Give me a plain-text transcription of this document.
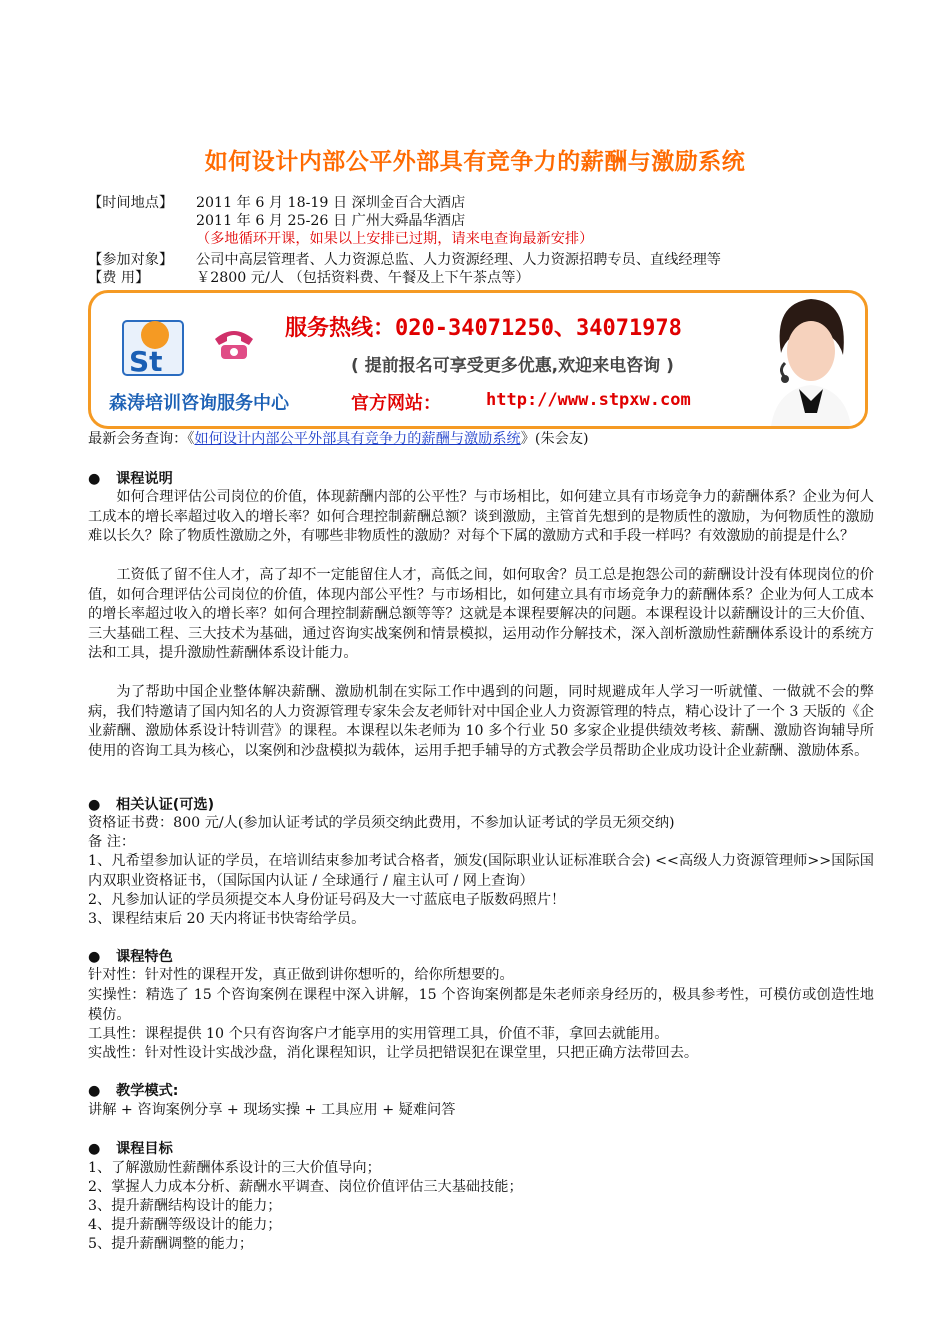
如何设计内部公平外部具有竞争力的薪酬与激励系统
【时间地点】 2011 年 6 月 18-19 日 深圳金百合大酒店
2011 年 6 月 25-26 日 广州大舜晶华酒店
（多地循环开课，如果以上安排已过期，请来电查询最新安排）
【参加对象】 公司中高层管理者、人力资源总监、人力资源经理、人力资源招聘专员、直线经理等
【费 用】	￥2800 元/人 （包括资料费、午餐及上下午茶点等）
St
服务热线：020-34071250、34071978
( 提前报名可享受更多优惠,欢迎来电咨询 )
森涛培训咨询服务中心	官方网站：	http://www.stpxw.com
最新会务查询：《如何设计内部公平外部具有竞争力的薪酬与激励系统》(朱会友)
● 课程说明
如何合理评估公司岗位的价值，体现薪酬内部的公平性？与市场相比，如何建立具有市场竞争力的薪酬体系？企业为何人工成本的增长率超过收入的增长率？如何合理控制薪酬总额？谈到激励，主管首先想到的是物质性的激励，为何物质性的激励难以长久？除了物质性激励之外，有哪些非物质性的激励？对每个下属的激励方式和手段一样吗？有效激励的前提是什么？
工资低了留不住人才，高了却不一定能留住人才，高低之间，如何取舍？员工总是抱怨公司的薪酬设计没有体现岗位的价值，如何合理评估公司岗位的价值，体现内部公平性？与市场相比，如何建立具有市场竞争力的薪酬体系？企业为何人工成本的增长率超过收入的增长率？如何合理控制薪酬总额等等？这就是本课程要解决的问题。本课程设计以薪酬设计的三大价值、三大基础工程、三大技术为基础，通过咨询实战案例和情景模拟，运用动作分解技术，深入剖析激励性薪酬体系设计的系统方法和工具，提升激励性薪酬体系设计能力。
为了帮助中国企业整体解决薪酬、激励机制在实际工作中遇到的问题，同时规避成年人学习一听就懂、一做就不会的弊病，我们特邀请了国内知名的人力资源管理专家朱会友老师针对中国企业人力资源管理的特点，精心设计了一个 3 天版的《企业薪酬、激励体系设计特训营》的课程。本课程以朱老师为 10 多个行业 50 多家企业提供绩效考核、薪酬、激励咨询辅导所使用的咨询工具为核心，以案例和沙盘模拟为载体，运用手把手辅导的方式教会学员帮助企业成功设计企业薪酬、激励体系。
● 相关认证(可选)
资格证书费：800 元/人(参加认证考试的学员须交纳此费用，不参加认证考试的学员无须交纳)
备 注：
1、凡希望参加认证的学员，在培训结束参加考试合格者，颁发(国际职业认证标准联合会) <<高级人力资源管理师>>国际国内双职业资格证书，（国际国内认证 / 全球通行 / 雇主认可 / 网上查询）
2、凡参加认证的学员须提交本人身份证号码及大一寸蓝底电子版数码照片！
3、课程结束后 20 天内将证书快寄给学员。
● 课程特色
针对性：针对性的课程开发，真正做到讲你想听的，给你所想要的。
实操性：精选了 15 个咨询案例在课程中深入讲解，15 个咨询案例都是朱老师亲身经历的，极具参考性，可模仿或创造性地模仿。
工具性：课程提供 10 个只有咨询客户才能享用的实用管理工具，价值不菲，拿回去就能用。
实战性：针对性设计实战沙盘，消化课程知识，让学员把错误犯在课堂里，只把正确方法带回去。
● 教学模式:
讲解 + 咨询案例分享 + 现场实操 + 工具应用 + 疑难问答
● 课程目标
1、了解激励性薪酬体系设计的三大价值导向；
2、掌握人力成本分析、薪酬水平调查、岗位价值评估三大基础技能；
3、提升薪酬结构设计的能力；
4、提升薪酬等级设计的能力；
5、提升薪酬调整的能力；
